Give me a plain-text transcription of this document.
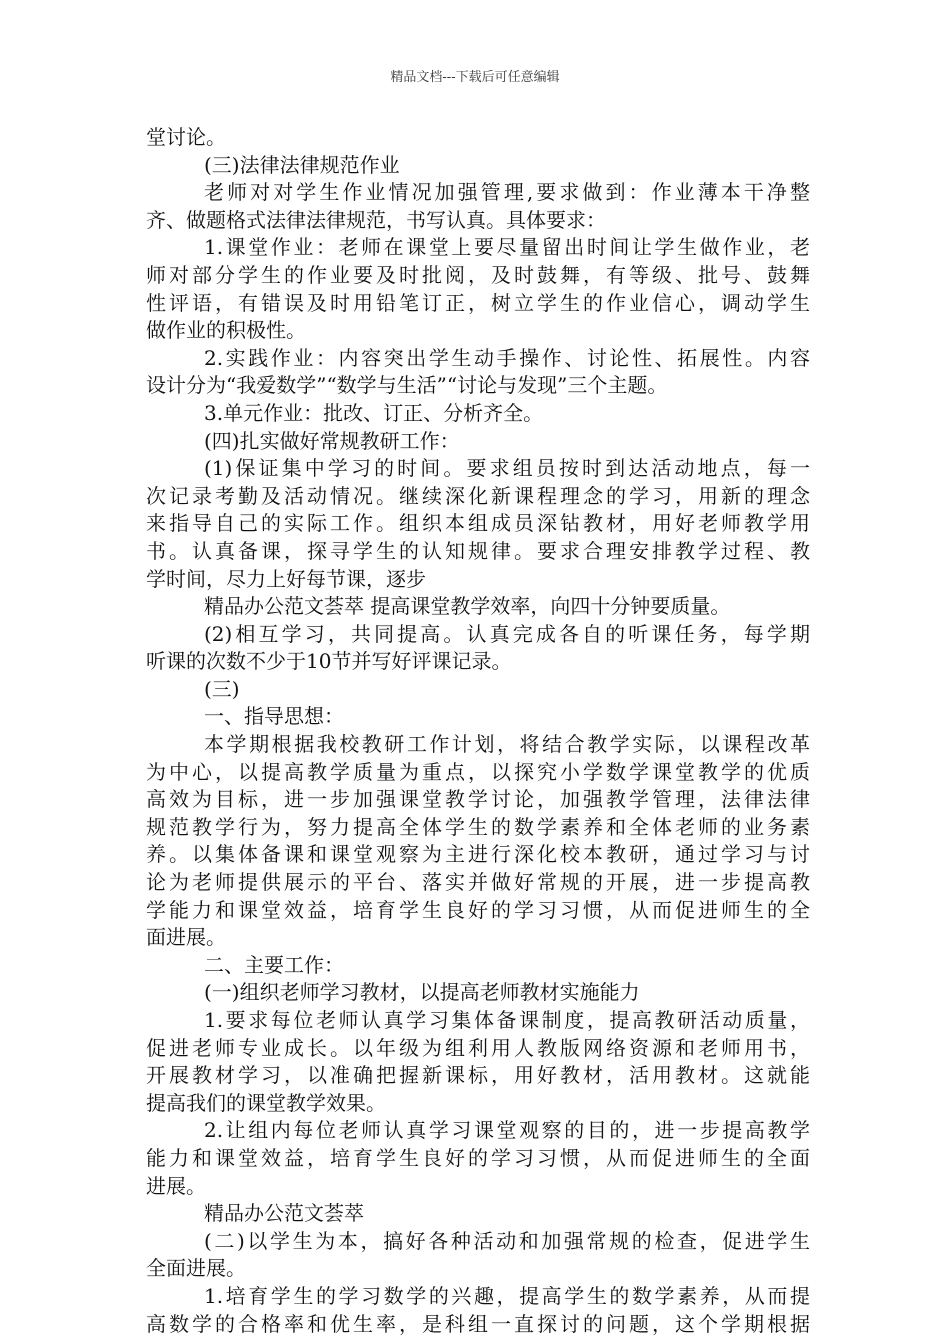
精品文档---下载后可任意编辑
堂讨论。
(三)法律法律规范作业
老师对对学生作业情况加强管理,要求做到：作业薄本干净整
齐、做题格式法律法律规范，书写认真。具体要求：
1.课堂作业：老师在课堂上要尽量留出时间让学生做作业，老
师对部分学生的作业要及时批阅，及时鼓舞，有等级、批号、鼓舞
性评语，有错误及时用铅笔订正，树立学生的作业信心，调动学生
做作业的积极性。
2.实践作业：内容突出学生动手操作、讨论性、拓展性。内容
设计分为“我爱数学”“数学与生活”“讨论与发现”三个主题。
3.单元作业：批改、订正、分析齐全。
(四)扎实做好常规教研工作：
(1)保证集中学习的时间。要求组员按时到达活动地点，每一
次记录考勤及活动情况。继续深化新课程理念的学习，用新的理念
来指导自己的实际工作。组织本组成员深钻教材，用好老师教学用
书。认真备课，探寻学生的认知规律。要求合理安排教学过程、教
学时间，尽力上好每节课，逐步
精品办公范文荟萃 提高课堂教学效率，向四十分钟要质量。
(2)相互学习，共同提高。认真完成各自的听课任务，每学期
听课的次数不少于10节并写好评课记录。
(三)
一、指导思想：
本学期根据我校教研工作计划，将结合教学实际，以课程改革
为中心，以提高教学质量为重点，以探究小学数学课堂教学的优质
高效为目标，进一步加强课堂教学讨论，加强教学管理，法律法律
规范教学行为，努力提高全体学生的数学素养和全体老师的业务素
养。以集体备课和课堂观察为主进行深化校本教研，通过学习与讨
论为老师提供展示的平台、落实并做好常规的开展，进一步提高教
学能力和课堂效益，培育学生良好的学习习惯，从而促进师生的全
面进展。
二、主要工作：
(一)组织老师学习教材，以提高老师教材实施能力
1.要求每位老师认真学习集体备课制度，提高教研活动质量，
促进老师专业成长。以年级为组利用人教版网络资源和老师用书，
开展教材学习，以准确把握新课标，用好教材，活用教材。这就能
提高我们的课堂教学效果。
2.让组内每位老师认真学习课堂观察的目的，进一步提高教学
能力和课堂效益，培育学生良好的学习习惯，从而促进师生的全面
进展。
精品办公范文荟萃
(二)以学生为本，搞好各种活动和加强常规的检查，促进学生
全面进展。
1.培育学生的学习数学的兴趣，提高学生的数学素养，从而提
高数学的合格率和优生率，是科组一直探讨的问题，这个学期根据
